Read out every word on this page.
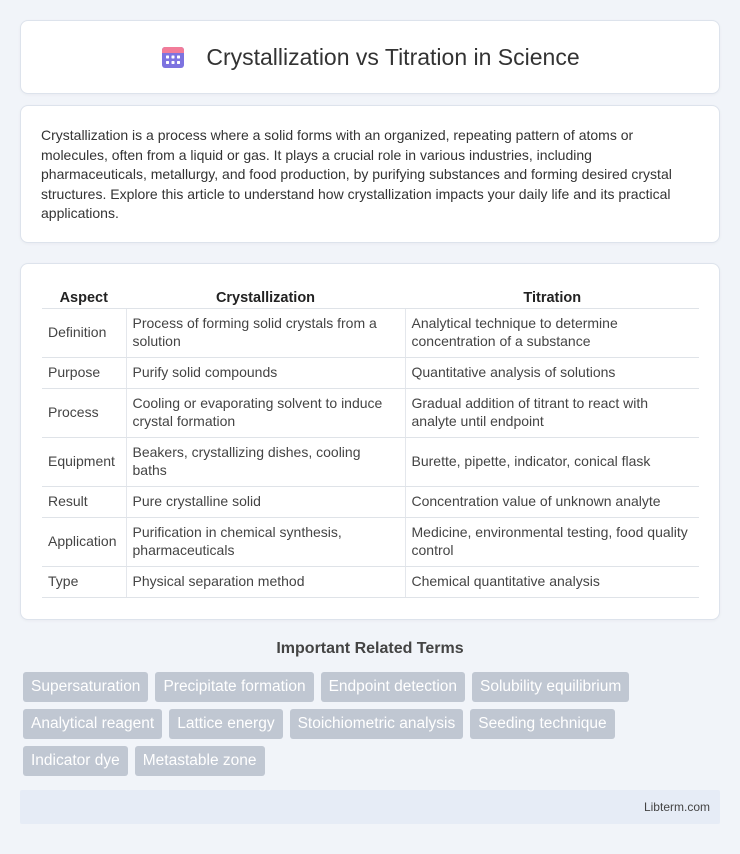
Crystallization vs Titration in Science

Crystallization is a process where a solid forms with an organized, repeating pattern of atoms or molecules, often from a liquid or gas. It plays a crucial role in various industries, including pharmaceuticals, metallurgy, and food production, by purifying substances and forming desired crystal structures. Explore this article to understand how crystallization impacts your daily life and its practical applications.

Aspect	Crystallization	Titration
Definition	Process of forming solid crystals from a solution	Analytical technique to determine concentration of a substance
Purpose	Purify solid compounds	Quantitative analysis of solutions
Process	Cooling or evaporating solvent to induce crystal formation	Gradual addition of titrant to react with analyte until endpoint
Equipment	Beakers, crystallizing dishes, cooling baths	Burette, pipette, indicator, conical flask
Result	Pure crystalline solid	Concentration value of unknown analyte
Application	Purification in chemical synthesis, pharmaceuticals	Medicine, environmental testing, food quality control
Type	Physical separation method	Chemical quantitative analysis
Important Related Terms
Supersaturation	Precipitate formation	Endpoint detection	Solubility equilibrium
Analytical reagent	Lattice energy	Stoichiometric analysis	Seeding technique
Indicator dye	Metastable zone
Libterm.com
